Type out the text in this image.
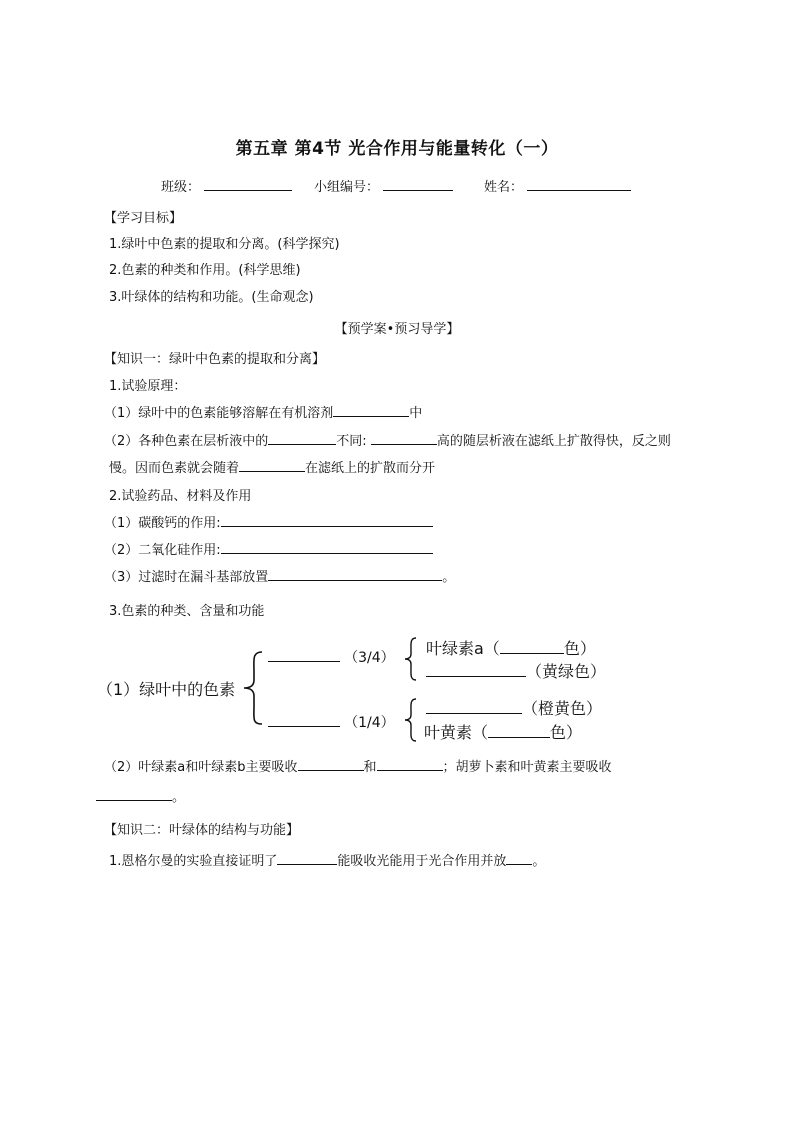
第五章 第4节 光合作用与能量转化（一）
班级：	小组编号：	姓名：
【学习目标】
1.绿叶中色素的提取和分离。(科学探究)
2.色素的种类和作用。(科学思维)
3.叶绿体的结构和功能。(生命观念)
【预学案•预习导学】
【知识一：绿叶中色素的提取和分离】
1.试验原理：
（1）绿叶中的色素能够溶解在有机溶剂	中
（2）各种色素在层析液中的	不同:	高的随层析液在滤纸上扩散得快，反之则
慢。因而色素就会随着	在滤纸上的扩散而分开
2.试验药品、材料及作用
（1）碳酸钙的作用:
（2）二氧化硅作用:
（3）过滤时在漏斗基部放置	。
3.色素的种类、含量和功能
（1）绿叶中的色素
（3/4） 叶绿素a（	色）
（黄绿色）
（1/4）
（橙黄色）
叶黄素（	色）
（2）叶绿素a和叶绿素b主要吸收	和	；胡萝卜素和叶黄素主要吸收
。
【知识二：叶绿体的结构与功能】
1.恩格尔曼的实验直接证明了	能吸收光能用于光合作用并放 。
